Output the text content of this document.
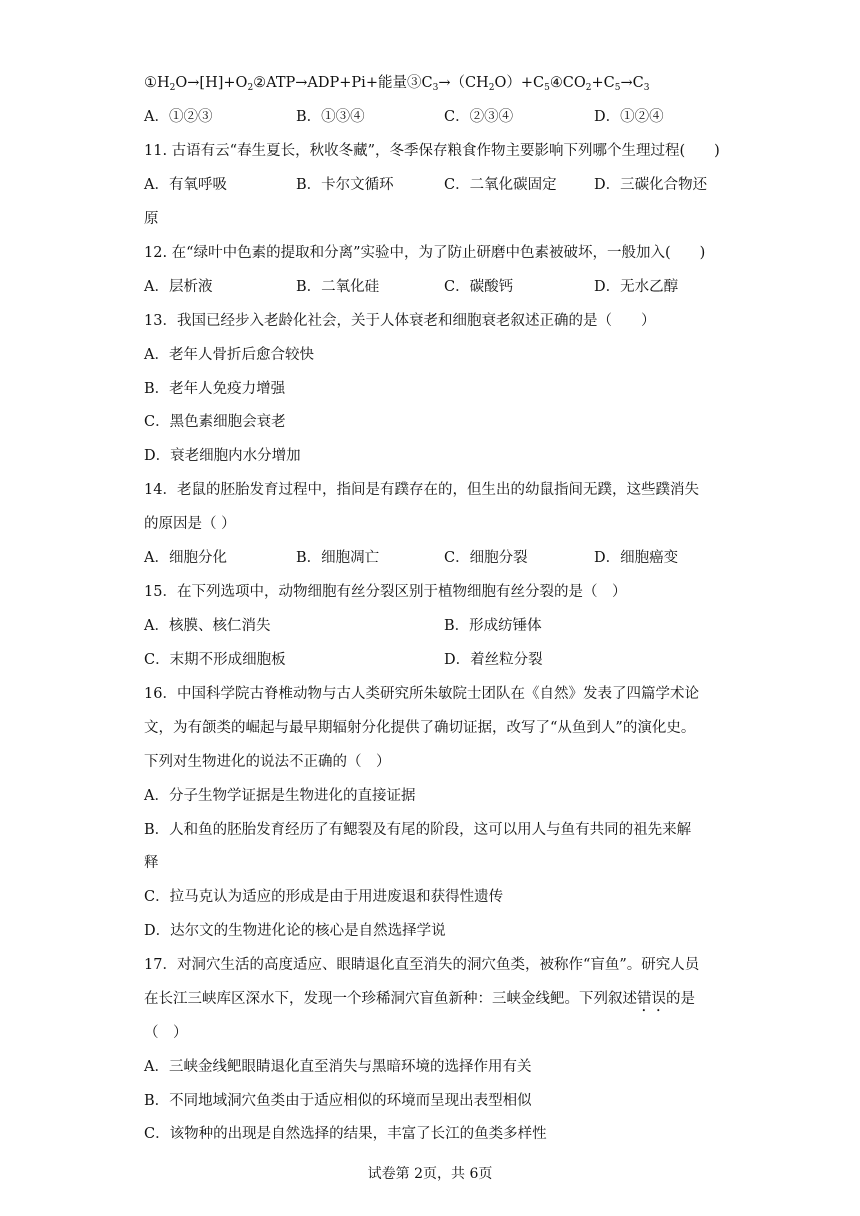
$①H_2O\to[H]+O_2②ATP\to ADP+Pi+$能量$③C_3\to(CH_2O)+C_5④CO_2+C_5\to C_3$
A．①②③	B．①③④	C．②③④	D．①②④
11. 古语有云“春生夏长，秋收冬藏”，冬季保存粮食作物主要影响下列哪个生理过程(　　)
A．有氧呼吸	B．卡尔文循环	C．二氧化碳固定	D．三碳化合物还
原
12. 在“绿叶中色素的提取和分离”实验中，为了防止研磨中色素被破坏，一般加入(　　)
A．层析液	B．二氧化硅	C．碳酸钙	D．无水乙醇
13．我国已经步入老龄化社会，关于人体衰老和细胞衰老叙述正确的是（　　）
A．老年人骨折后愈合较快
B．老年人免疫力增强
C．黑色素细胞会衰老
D．衰老细胞内水分增加
14．老鼠的胚胎发育过程中，指间是有蹼存在的，但生出的幼鼠指间无蹼，这些蹼消失
的原因是（ ）
A．细胞分化	B．细胞凋亡	C．细胞分裂	D．细胞癌变
15．在下列选项中，动物细胞有丝分裂区别于植物细胞有丝分裂的是（　）
A．核膜、核仁消失	B．形成纺锤体
C．末期不形成细胞板	D．着丝粒分裂
16．中国科学院古脊椎动物与古人类研究所朱敏院士团队在《自然》发表了四篇学术论
文，为有颌类的崛起与最早期辐射分化提供了确切证据，改写了“从鱼到人”的演化史。
下列对生物进化的说法不正确的（　）
A．分子生物学证据是生物进化的直接证据
B．人和鱼的胚胎发育经历了有鳃裂及有尾的阶段，这可以用人与鱼有共同的祖先来解
释
C．拉马克认为适应的形成是由于用进废退和获得性遗传
D．达尔文的生物进化论的核心是自然选择学说
17．对洞穴生活的高度适应、眼睛退化直至消失的洞穴鱼类，被称作“盲鱼”。研究人员
在长江三峡库区深水下，发现一个珍稀洞穴盲鱼新种：三峡金线鲃。下列叙述错误的是
（　）
A．三峡金线鲃眼睛退化直至消失与黑暗环境的选择作用有关
B．不同地域洞穴鱼类由于适应相似的环境而呈现出表型相似
C．该物种的出现是自然选择的结果，丰富了长江的鱼类多样性
试卷第 2页，共 6页
